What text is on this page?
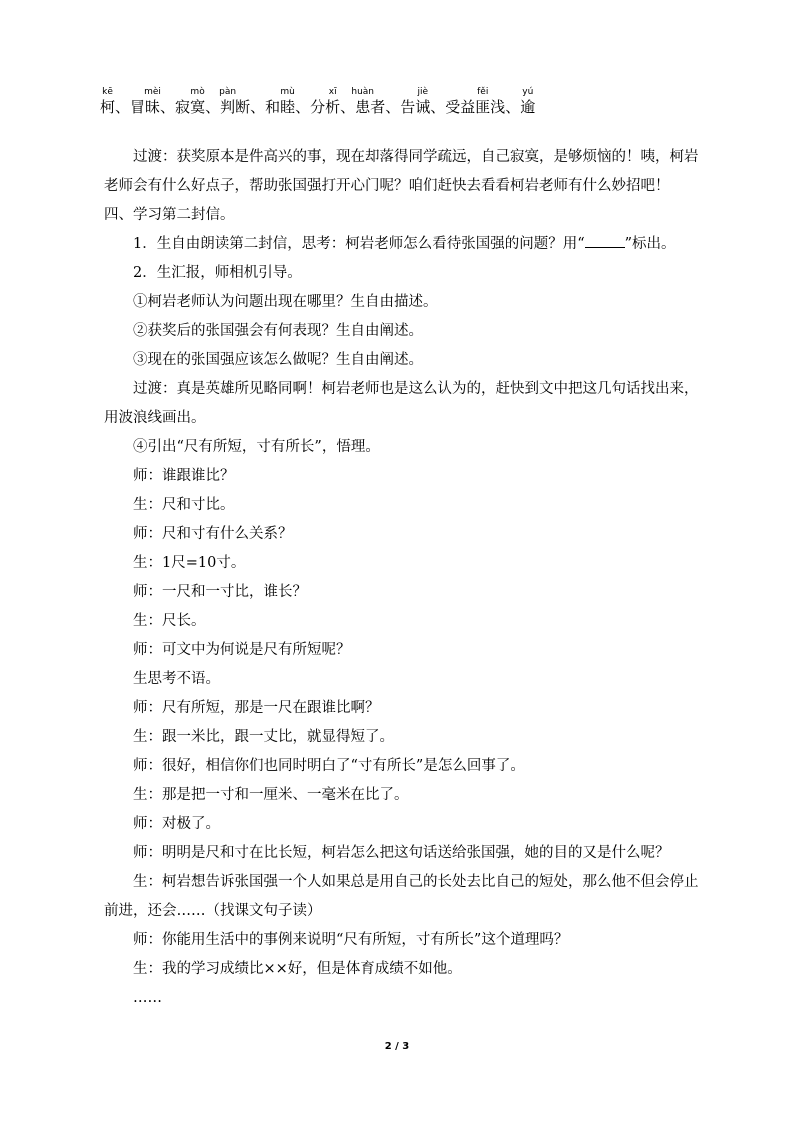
kē
柯、冒
mèi
昧、寂
mò
寞、
pàn
判断、和
mù
睦、分
xī
析、
huàn
患者、告
jiè
诫、受益
fěi
匪浅、
yú
逾

过渡：获奖原本是件高兴的事，现在却落得同学疏远，自己寂寞，是够烦恼的！咦，柯岩老师会有什么好点子，帮助张国强打开心门呢？咱们赶快去看看柯岩老师有什么妙招吧！

四、学习第二封信。

1．生自由朗读第二封信，思考：柯岩老师怎么看待张国强的问题？用“	”标出。

2．生汇报，师相机引导。

①柯岩老师认为问题出现在哪里？生自由描述。

②获奖后的张国强会有何表现？生自由阐述。

③现在的张国强应该怎么做呢？生自由阐述。

过渡：真是英雄所见略同啊！柯岩老师也是这么认为的，赶快到文中把这几句话找出来，用波浪线画出。

④引出“尺有所短，寸有所长”，悟理。

师：谁跟谁比？

生：尺和寸比。

师：尺和寸有什么关系？

生：1尺=10寸。

师：一尺和一寸比，谁长？

生：尺长。

师：可文中为何说是尺有所短呢？

生思考不语。

师：尺有所短，那是一尺在跟谁比啊？

生：跟一米比，跟一丈比，就显得短了。

师：很好，相信你们也同时明白了“寸有所长”是怎么回事了。

生：那是把一寸和一厘米、一毫米在比了。

师：对极了。

师：明明是尺和寸在比长短，柯岩怎么把这句话送给张国强，她的目的又是什么呢？

生：柯岩想告诉张国强一个人如果总是用自己的长处去比自己的短处，那么他不但会停止前进，还会……（找课文句子读）

师：你能用生活中的事例来说明“尺有所短，寸有所长”这个道理吗？

生：我的学习成绩比××好，但是体育成绩不如他。

……

2 / 3
